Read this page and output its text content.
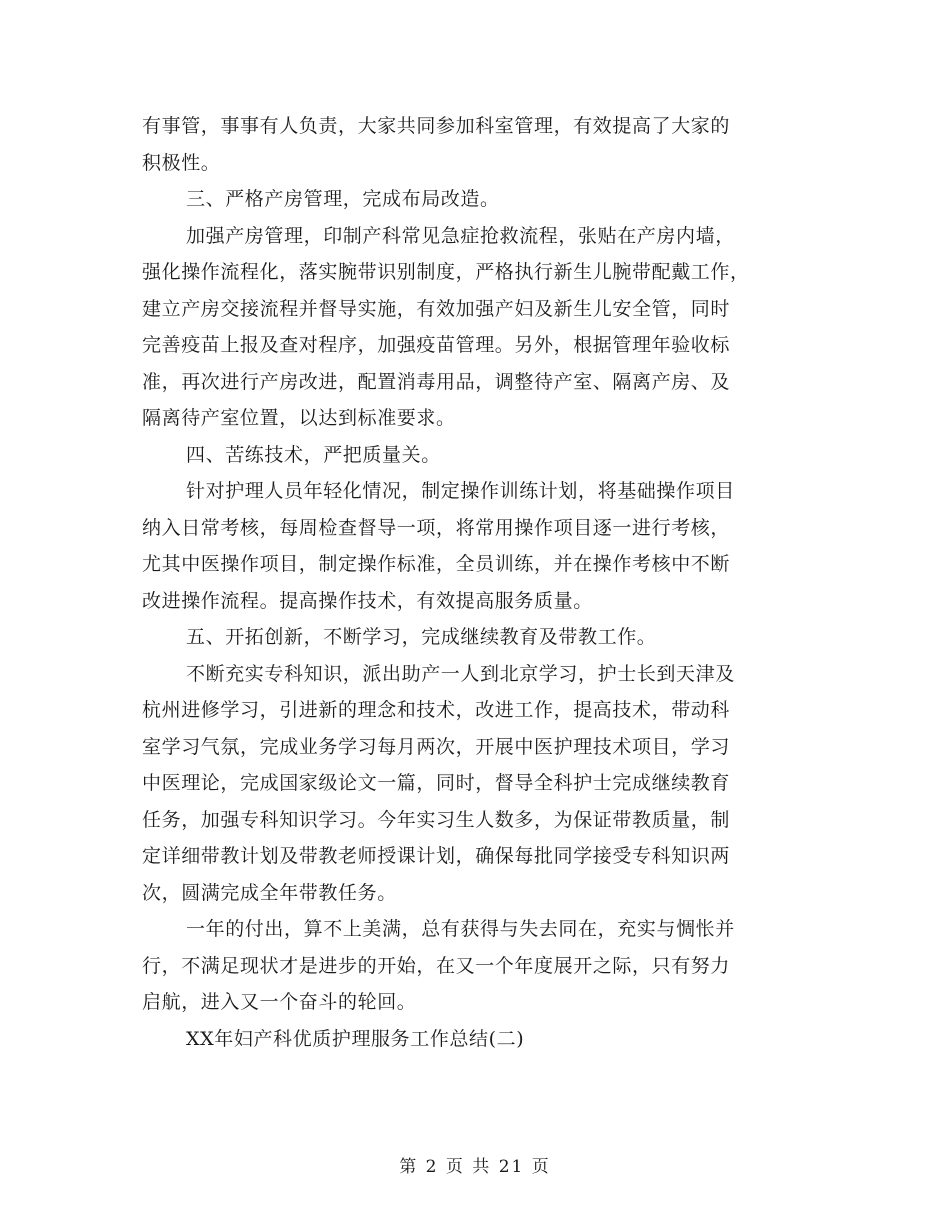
有事管，事事有人负责，大家共同参加科室管理，有效提高了大家的
积极性。
三、严格产房管理，完成布局改造。
加强产房管理，印制产科常见急症抢救流程，张贴在产房内墙，
强化操作流程化，落实腕带识别制度，严格执行新生儿腕带配戴工作，
建立产房交接流程并督导实施，有效加强产妇及新生儿安全管，同时
完善疫苗上报及查对程序，加强疫苗管理。另外，根据管理年验收标
准，再次进行产房改进，配置消毒用品，调整待产室、隔离产房、及
隔离待产室位置，以达到标准要求。
四、苦练技术，严把质量关。
针对护理人员年轻化情况，制定操作训练计划，将基础操作项目
纳入日常考核，每周检查督导一项，将常用操作项目逐一进行考核，
尤其中医操作项目，制定操作标准，全员训练，并在操作考核中不断
改进操作流程。提高操作技术，有效提高服务质量。
五、开拓创新，不断学习，完成继续教育及带教工作。
不断充实专科知识，派出助产一人到北京学习，护士长到天津及
杭州进修学习，引进新的理念和技术，改进工作，提高技术，带动科
室学习气氛，完成业务学习每月两次，开展中医护理技术项目，学习
中医理论，完成国家级论文一篇，同时，督导全科护士完成继续教育
任务，加强专科知识学习。今年实习生人数多，为保证带教质量，制
定详细带教计划及带教老师授课计划，确保每批同学接受专科知识两
次，圆满完成全年带教任务。
一年的付出，算不上美满，总有获得与失去同在，充实与惆怅并
行，不满足现状才是进步的开始，在又一个年度展开之际，只有努力
启航，进入又一个奋斗的轮回。
XX年妇产科优质护理服务工作总结(二)
第 2 页 共 21 页
